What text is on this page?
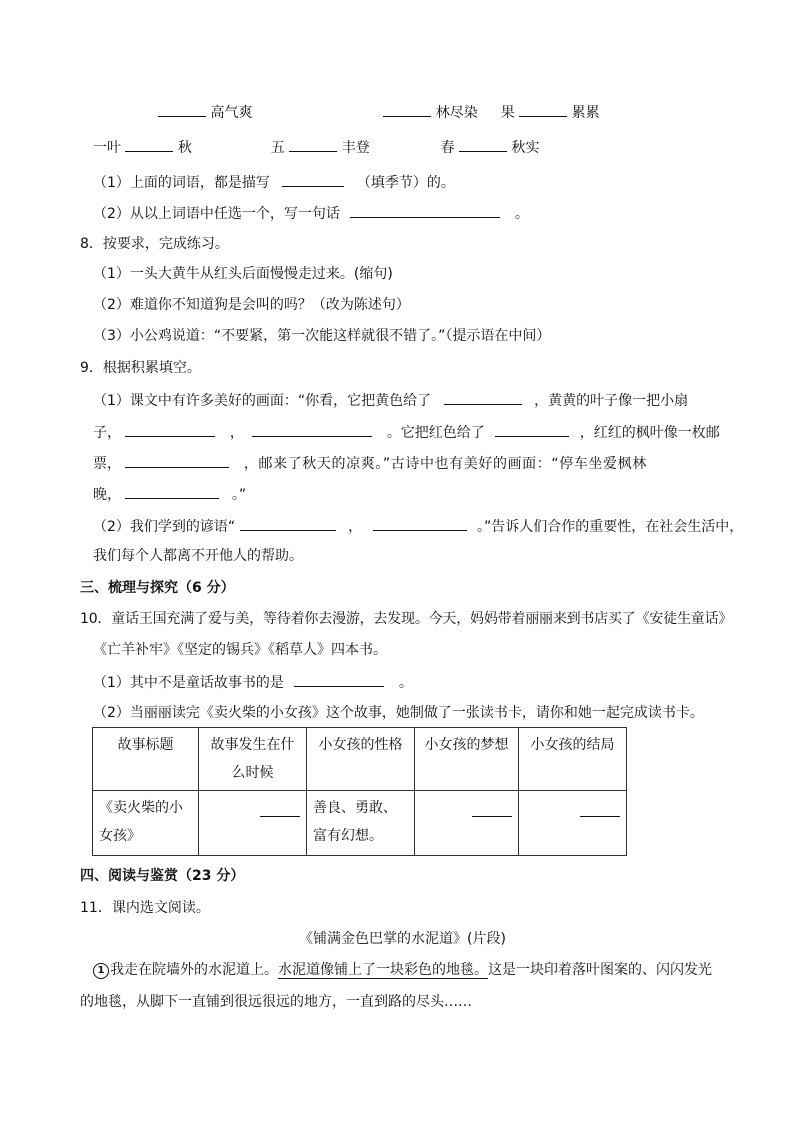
高气爽	林尽染 果	累累
一叶	秋	五	丰登	春	秋实
（1）上面的词语，都是描写	（填季节）的。
（2）从以上词语中任选一个，写一句话	。
8．按要求，完成练习。
（1）一头大黄牛从红头后面慢慢走过来。(缩句)
（2）难道你不知道狗是会叫的吗？（改为陈述句）
（3）小公鸡说道：“不要紧，第一次能这样就很不错了。”（提示语在中间）
9．根据积累填空。
（1）课文中有许多美好的画面：“你看，它把黄色给了	，黄黄的叶子像一把小扇
子，	，	。它把红色给了	，红红的枫叶像一枚邮
票，	，邮来了秋天的凉爽。”古诗中也有美好的画面：“停车坐爱枫林
晚，	。”
（2）我们学到的谚语“	，	。”告诉人们合作的重要性，在社会生活中，
我们每个人都离不开他人的帮助。
三、梳理与探究（6 分）
10．童话王国充满了爱与美，等待着你去漫游，去发现。今天，妈妈带着丽丽来到书店买了《安徒生童话》
《亡羊补牢》《坚定的锡兵》《稻草人》四本书。
（1）其中不是童话故事书的是	。
（2）当丽丽读完《卖火柴的小女孩》这个故事，她制做了一张读书卡，请你和她一起完成读书卡。
故事标题	故事发生在什么时候	小女孩的性格	小女孩的梦想	小女孩的结局
《卖火柴的小女孩》		善良、勇敢、富有幻想。	

四、阅读与鉴赏（23 分）
11．课内选文阅读。
《铺满金色巴掌的水泥道》(片段)
1 我走在院墙外的水泥道上。水泥道像铺上了一块彩色的地毯。这是一块印着落叶图案的、闪闪发光
的地毯，从脚下一直铺到很远很远的地方，一直到路的尽头……
